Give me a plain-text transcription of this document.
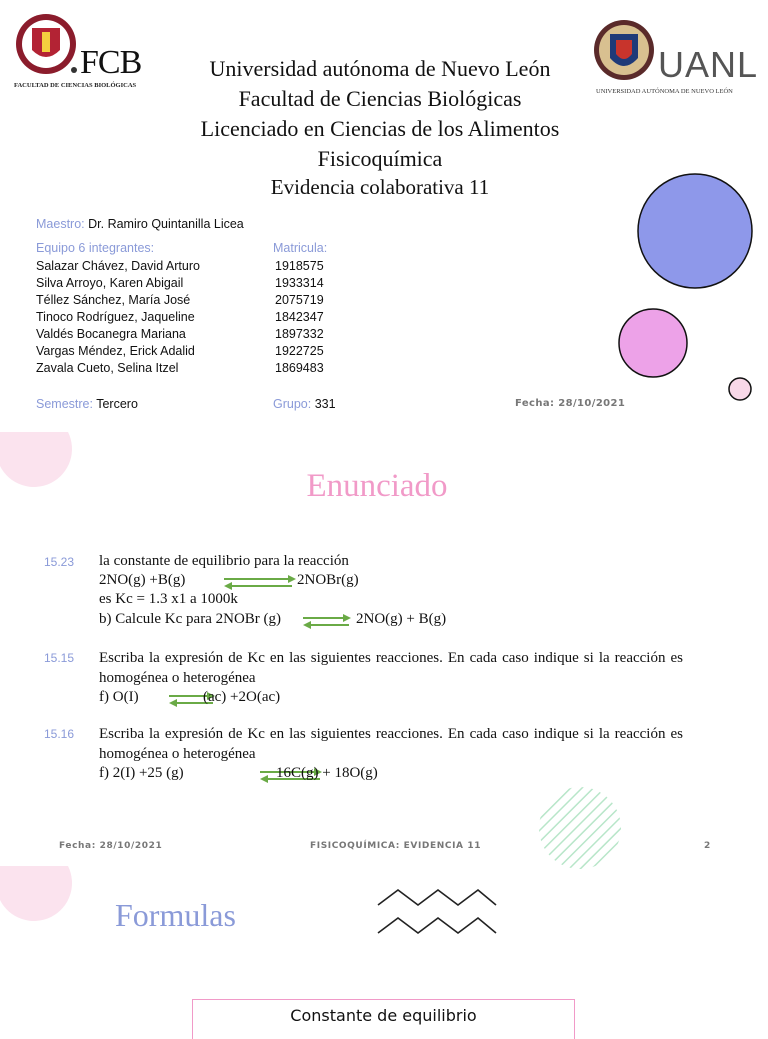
FCB
FACULTAD DE CIENCIAS BIOLÓGICAS
UANL
UNIVERSIDAD AUTÓNOMA DE NUEVO LEÓN
Universidad autónoma de Nuevo León
Facultad de Ciencias Biológicas
Licenciado en Ciencias de los Alimentos
Fisicoquímica
Evidencia colaborativa 11
Maestro: Dr. Ramiro Quintanilla Licea
Equipo 6 integrantes:	Matricula:
Salazar Chávez, David Arturo	1918575
Silva Arroyo, Karen Abigail	1933314
Téllez Sánchez, María José	2075719
Tinoco Rodríguez, Jaqueline	1842347
Valdés Bocanegra Mariana	1897332
Vargas Méndez, Erick Adalid	1922725
Zavala Cueto, Selina Itzel	1869483
Semestre: Tercero	Grupo: 331	Fecha: 28/10/2021
Enunciado
15.23 la constante de equilibrio para la reacción
2NO(g) +B(g)	2NOBr(g)
es Kc = 1.3 x1 a 1000k
b) Calcule Kc para 2NOBr (g) ⇌ 2NO(g) + B(g)
15.15 Escriba la expresión de Kc en las siguientes reacciones. En cada caso indique si la reacción es homogénea o heterogénea
f) O(I)	(ac) +2O(ac)
15.16 Escriba la expresión de Kc en las siguientes reacciones. En cada caso indique si la reacción es homogénea o heterogénea
f) 2(I) +25 (g)	16C(g) + 18O(g)
Fecha: 28/10/2021	FISICOQUÍMICA: EVIDENCIA 11	2
Formulas
Constante de equilibrio
